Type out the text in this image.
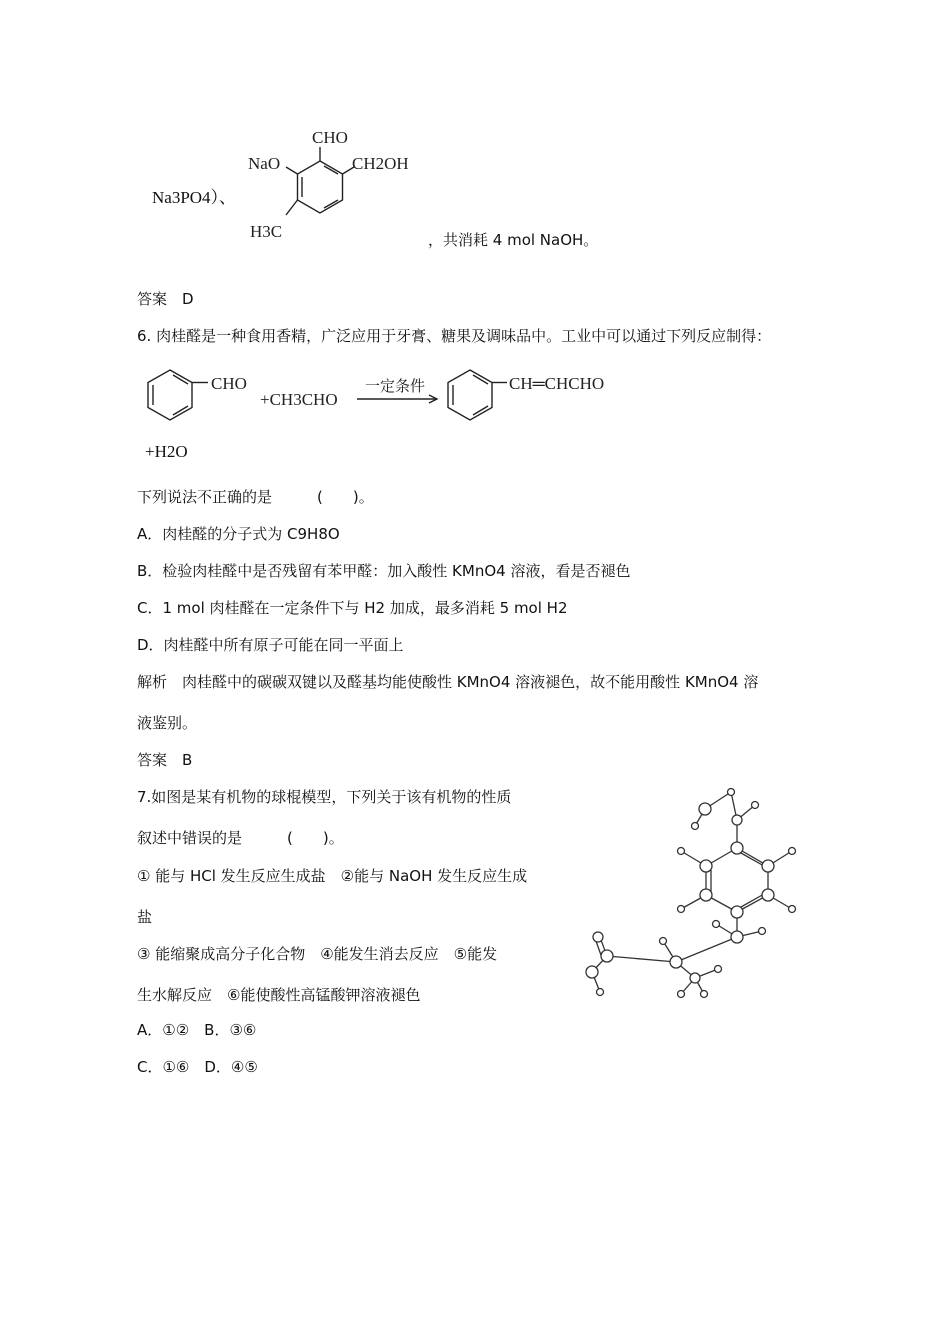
Na3PO4）、
CHO
NaO	CH2OH
H3C	，共消耗 4 mol NaOH。
答案　D
6. 肉桂醛是一种食用香精，广泛应用于牙膏、糖果及调味品中。工业中可以通过下列反应制得：
CHO
+CH3CHO
一定条件	CH═CHCHO
+H2O
下列说法不正确的是　　　(　　)。
A．肉桂醛的分子式为 C9H8O
B．检验肉桂醛中是否残留有苯甲醛：加入酸性 KMnO4 溶液，看是否褪色
C．1 mol 肉桂醛在一定条件下与 H2 加成，最多消耗 5 mol H2
D．肉桂醛中所有原子可能在同一平面上
解析　肉桂醛中的碳碳双键以及醛基均能使酸性 KMnO4 溶液褪色，故不能用酸性 KMnO4 溶
液鉴别。
答案　B
7.如图是某有机物的球棍模型，下列关于该有机物的性质
叙述中错误的是　　　(　　)。
① 能与 HCl 发生反应生成盐　②能与 NaOH 发生反应生成
盐
③ 能缩聚成高分子化合物　④能发生消去反应　⑤能发
生水解反应　⑥能使酸性高锰酸钾溶液褪色
A．①②　B．③⑥
C．①⑥　D．④⑤
